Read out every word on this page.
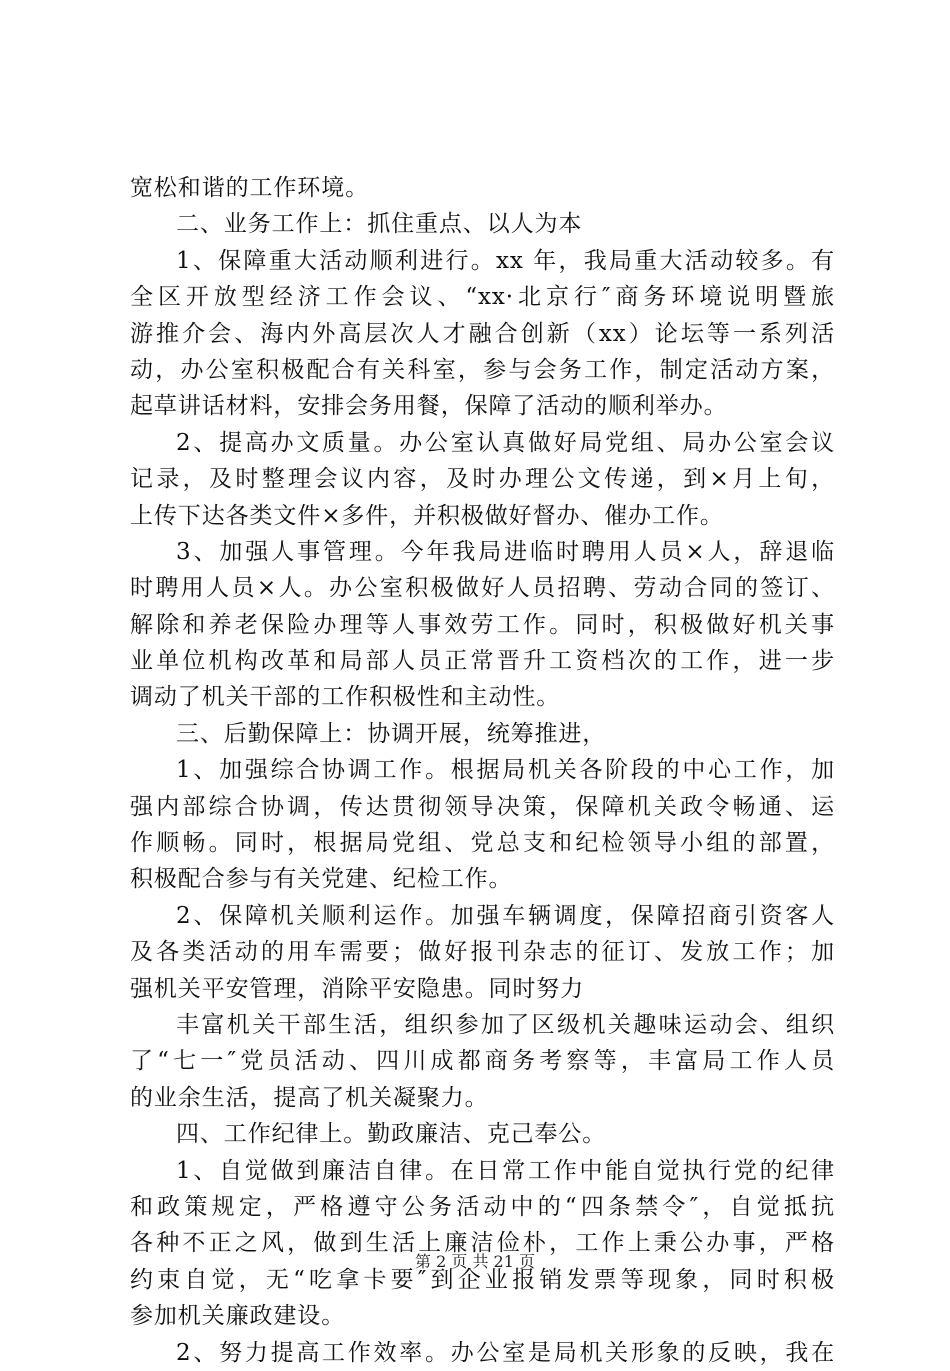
宽松和谐的工作环境。
二、业务工作上：抓住重点、以人为本
1、保障重大活动顺利进行。xx 年，我局重大活动较多。有
全区开放型经济工作会议、“xx·北京行″商务环境说明暨旅
游推介会、海内外高层次人才融合创新（xx）论坛等一系列活
动，办公室积极配合有关科室，参与会务工作，制定活动方案，
起草讲话材料，安排会务用餐，保障了活动的顺利举办。
2、提高办文质量。办公室认真做好局党组、局办公室会议
记录，及时整理会议内容，及时办理公文传递，到×月上旬，
上传下达各类文件×多件，并积极做好督办、催办工作。
3、加强人事管理。今年我局进临时聘用人员×人，辞退临
时聘用人员×人。办公室积极做好人员招聘、劳动合同的签订、
解除和养老保险办理等人事效劳工作。同时，积极做好机关事
业单位机构改革和局部人员正常晋升工资档次的工作，进一步
调动了机关干部的工作积极性和主动性。
三、后勤保障上：协调开展，统筹推进，
1、加强综合协调工作。根据局机关各阶段的中心工作，加
强内部综合协调，传达贯彻领导决策，保障机关政令畅通、运
作顺畅。同时，根据局党组、党总支和纪检领导小组的部置，
积极配合参与有关党建、纪检工作。
2、保障机关顺利运作。加强车辆调度，保障招商引资客人
及各类活动的用车需要；做好报刊杂志的征订、发放工作；加
强机关平安管理，消除平安隐患。同时努力
丰富机关干部生活，组织参加了区级机关趣味运动会、组织
了“七一″党员活动、四川成都商务考察等，丰富局工作人员
的业余生活，提高了机关凝聚力。
四、工作纪律上。勤政廉洁、克己奉公。
1、自觉做到廉洁自律。在日常工作中能自觉执行党的纪律
和政策规定，严格遵守公务活动中的“四条禁令″，自觉抵抗
各种不正之风，做到生活上廉洁俭朴，工作上秉公办事，严格
约束自觉，无“吃拿卡要″到企业报销发票等现象，同时积极
参加机关廉政建设。
2、努力提高工作效率。办公室是局机关形象的反映，我在
第 2 页 共 21 页
